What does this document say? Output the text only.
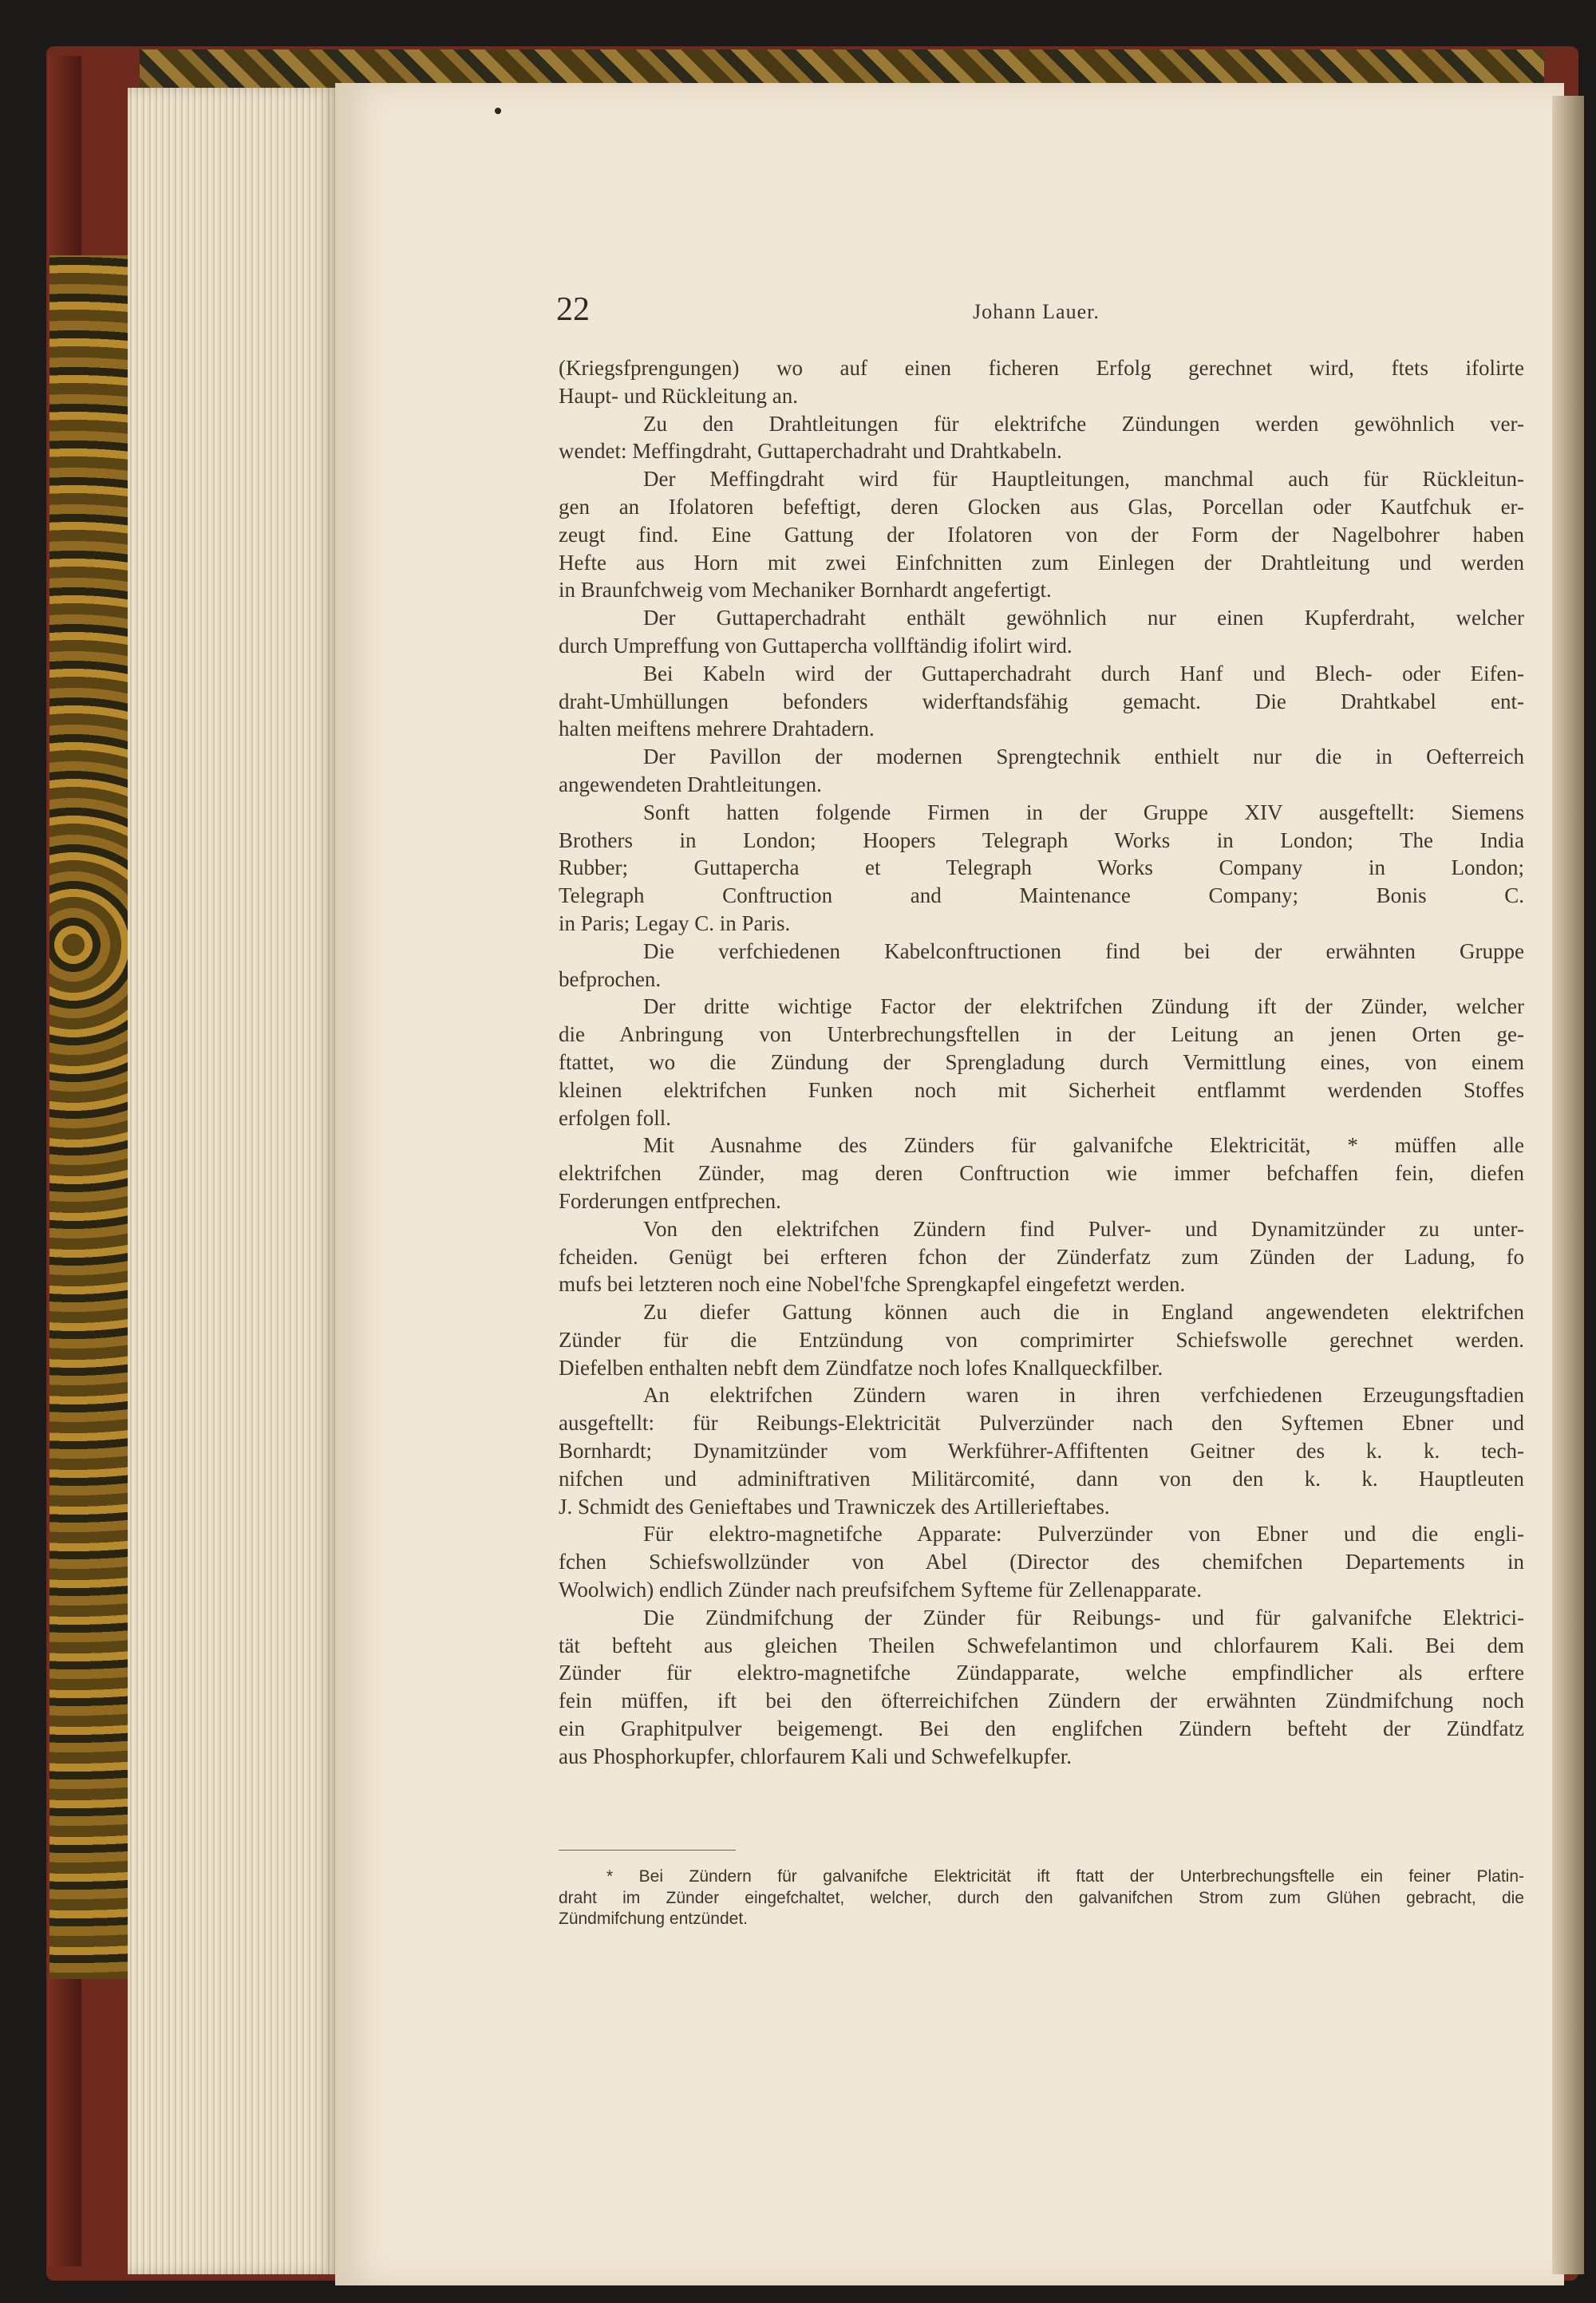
22	Johann Lauer.
(Kriegsfprengungen) wo auf einen ficheren Erfolg gerechnet wird, ftets ifolirte
Haupt- und Rückleitung an.
Zu den Drahtleitungen für elektrifche Zündungen werden gewöhnlich ver-
wendet: Meffingdraht, Guttaperchadraht und Drahtkabeln.
Der Meffingdraht wird für Hauptleitungen, manchmal auch für Rückleitun-
gen an Ifolatoren befeftigt, deren Glocken aus Glas, Porcellan oder Kautfchuk er-
zeugt find. Eine Gattung der Ifolatoren von der Form der Nagelbohrer haben
Hefte aus Horn mit zwei Einfchnitten zum Einlegen der Drahtleitung und werden
in Braunfchweig vom Mechaniker Bornhardt angefertigt.
Der Guttaperchadraht enthält gewöhnlich nur einen Kupferdraht, welcher
durch Umpreffung von Guttapercha vollftändig ifolirt wird.
Bei Kabeln wird der Guttaperchadraht durch Hanf und Blech- oder Eifen-
draht-Umhüllungen befonders widerftandsfähig gemacht. Die Drahtkabel ent-
halten meiftens mehrere Drahtadern.
Der Pavillon der modernen Sprengtechnik enthielt nur die in Oefterreich
angewendeten Drahtleitungen.
Sonft hatten folgende Firmen in der Gruppe XIV ausgeftellt: Siemens
Brothers in London; Hoopers Telegraph Works in London; The India
Rubber; Guttapercha et Telegraph Works Company in London;
Telegraph Conftruction and Maintenance Company; Bonis C.
in Paris; Legay C. in Paris.
Die verfchiedenen Kabelconftructionen find bei der erwähnten Gruppe
befprochen.
Der dritte wichtige Factor der elektrifchen Zündung ift der Zünder, welcher
die Anbringung von Unterbrechungsftellen in der Leitung an jenen Orten ge-
ftattet, wo die Zündung der Sprengladung durch Vermittlung eines, von einem
kleinen elektrifchen Funken noch mit Sicherheit entflammt werdenden Stoffes
erfolgen foll.
Mit Ausnahme des Zünders für galvanifche Elektricität, * müffen alle
elektrifchen Zünder, mag deren Conftruction wie immer befchaffen fein, diefen
Forderungen entfprechen.
Von den elektrifchen Zündern find Pulver- und Dynamitzünder zu unter-
fcheiden. Genügt bei erfteren fchon der Zünderfatz zum Zünden der Ladung, fo
mufs bei letzteren noch eine Nobel'fche Sprengkapfel eingefetzt werden.
Zu diefer Gattung können auch die in England angewendeten elektrifchen
Zünder für die Entzündung von comprimirter Schiefswolle gerechnet werden.
Diefelben enthalten nebft dem Zündfatze noch lofes Knallqueckfilber.
An elektrifchen Zündern waren in ihren verfchiedenen Erzeugungsftadien
ausgeftellt: für Reibungs-Elektricität Pulverzünder nach den Syftemen Ebner und
Bornhardt; Dynamitzünder vom Werkführer-Affiftenten Geitner des k. k. tech-
nifchen und adminiftrativen Militärcomité, dann von den k. k. Hauptleuten
J. Schmidt des Genieftabes und Trawniczek des Artillerieftabes.
Für elektro-magnetifche Apparate: Pulverzünder von Ebner und die engli-
fchen Schiefswollzünder von Abel (Director des chemifchen Departements in
Woolwich) endlich Zünder nach preufsifchem Syfteme für Zellenapparate.
Die Zündmifchung der Zünder für Reibungs- und für galvanifche Elektrici-
tät befteht aus gleichen Theilen Schwefelantimon und chlorfaurem Kali. Bei dem
Zünder für elektro-magnetifche Zündapparate, welche empfindlicher als erftere
fein müffen, ift bei den öfterreichifchen Zündern der erwähnten Zündmifchung noch
ein Graphitpulver beigemengt. Bei den englifchen Zündern befteht der Zündfatz
aus Phosphorkupfer, chlorfaurem Kali und Schwefelkupfer.
* Bei Zündern für galvanifche Elektricität ift ftatt der Unterbrechungsftelle ein feiner Platin-
draht im Zünder eingefchaltet, welcher, durch den galvanifchen Strom zum Glühen gebracht, die
Zündmifchung entzündet.
